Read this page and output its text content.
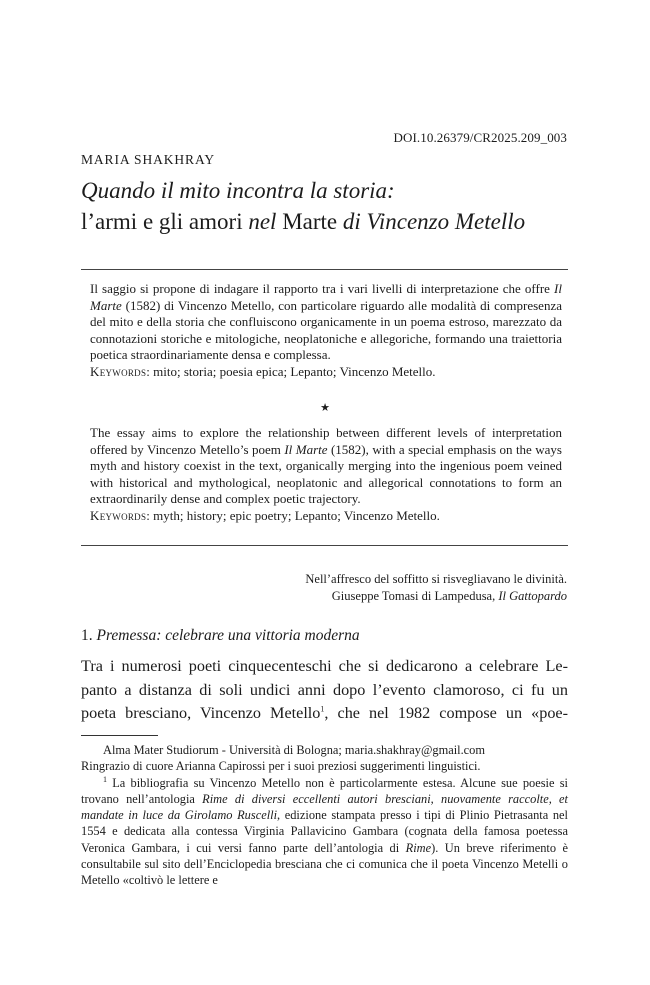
DOI.10.26379/CR2025.209_003
MARIA SHAKHRAY
Quando il mito incontra la storia:
l’armi e gli amori nel Marte di Vincenzo Metello
Il saggio si propone di indagare il rapporto tra i vari livelli di interpretazione che offre Il Marte (1582) di Vincenzo Metello, con particolare riguardo alle modalità di compresenza del mito e della storia che confluiscono organicamente in un poema estroso, marezzato da connotazioni storiche e mitologiche, neoplatoniche e allegoriche, formando una traiettoria poetica straordinariamente densa e complessa.
Keywords: mito; storia; poesia epica; Lepanto; Vincenzo Metello.
★
The essay aims to explore the relationship between different levels of interpretation offered by Vincenzo Metello’s poem Il Marte (1582), with a special emphasis on the ways myth and history coexist in the text, organically merging into the ingenious poem veined with historical and mythological, neoplatonic and allegorical connotations to form an extraordinarily dense and complex poetic trajectory.
Keywords: myth; history; epic poetry; Lepanto; Vincenzo Metello.
Nell’affresco del soffitto si risvegliavano le divinità.
Giuseppe Tomasi di Lampedusa, Il Gattopardo
1. Premessa: celebrare una vittoria moderna
Tra i numerosi poeti cinquecenteschi che si dedicarono a celebrare Le-
panto a distanza di soli undici anni dopo l’evento clamoroso, ci fu un
poeta bresciano, Vincenzo Metello$^1$, che nel 1982 compose un «poe-

Alma Mater Studiorum - Università di Bologna; maria.shakhray@gmail.com

Ringrazio di cuore Arianna Capirossi per i suoi preziosi suggerimenti linguistici.

$^1$ La bibliografia su Vincenzo Metello non è particolarmente estesa. Alcune sue poesie si trovano nell’antologia Rime di diversi eccellenti autori bresciani, nuovamente raccolte, et mandate in luce da Girolamo Ruscelli, edizione stampata presso i tipi di Plinio Pietrasanta nel 1554 e dedicata alla contessa Virginia Pallavicino Gambara (cognata della famosa poetessa Veronica Gambara, i cui versi fanno parte dell’antologia di Rime). Un breve riferimento è consultabile sul sito dell’Enciclopedia bresciana che ci comunica che il poeta Vincenzo Metelli o Metello «coltivò le lettere e
